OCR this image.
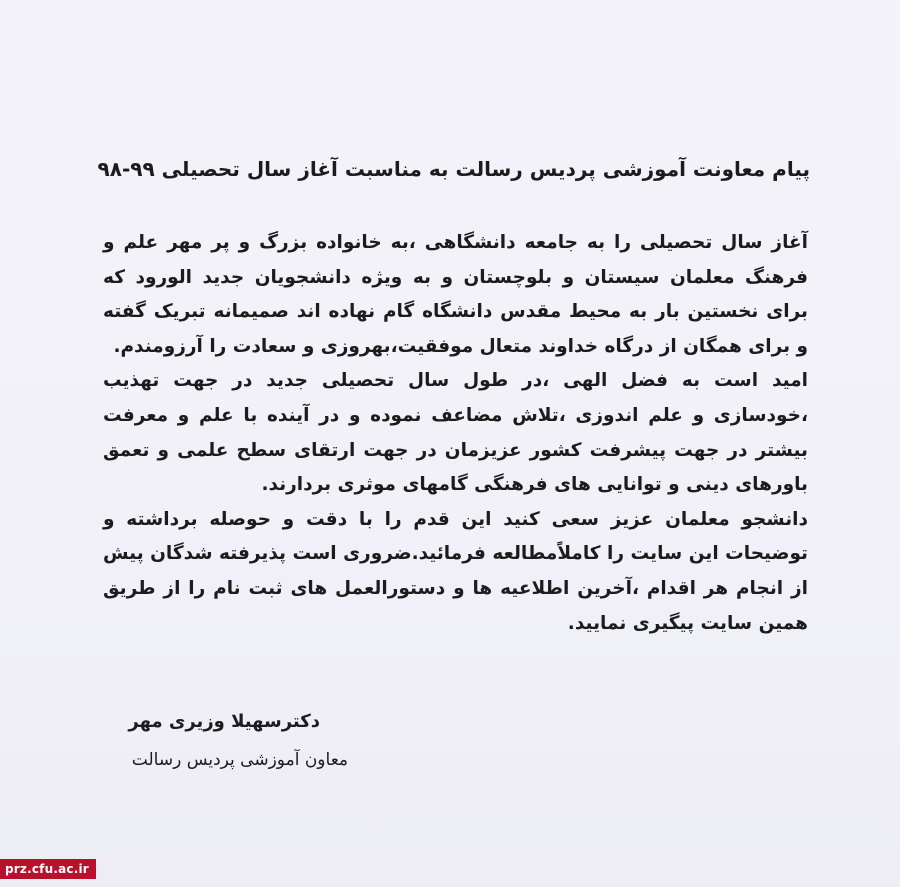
پیام معاونت آموزشی پردیس رسالت به مناسبت آغاز سال تحصیلی ۹۹-۹۸

آغاز سال تحصیلی را به جامعه دانشگاهی ،به خانواده بزرگ و پر مهر علم و فرهنگ معلمان سیستان و بلوچستان و به ویژه دانشجویان جدید الورود که برای نخستین بار به محیط مقدس دانشگاه گام نهاده اند صمیمانه تبریک گفته و برای همگان از درگاه خداوند متعال موفقیت،بهروزی و سعادت را آرزومندم.

امید است به فضل الهی ،در طول سال تحصیلی جدید در جهت تهذیب ،خودسازی و علم اندوزی ،تلاش مضاعف نموده و در آینده با علم و معرفت بیشتر در جهت پیشرفت کشور عزیزمان در جهت ارتقای سطح علمی و تعمق باورهای دینی و توانایی های فرهنگی گامهای موثری بردارند.

دانشجو معلمان عزیز سعی کنید این قدم را با دقت و حوصله برداشته و توضیحات این سایت را کاملاًمطالعه فرمائید.ضروری است پذیرفته شدگان پیش از انجام هر اقدام ،آخرین اطلاعیه ها و دستورالعمل های ثبت نام را از طریق همین سایت پیگیری نمایید.

دکترسهیلا وزیری مهر
معاون آموزشی پردیس رسالت
prz.cfu.ac.ir
